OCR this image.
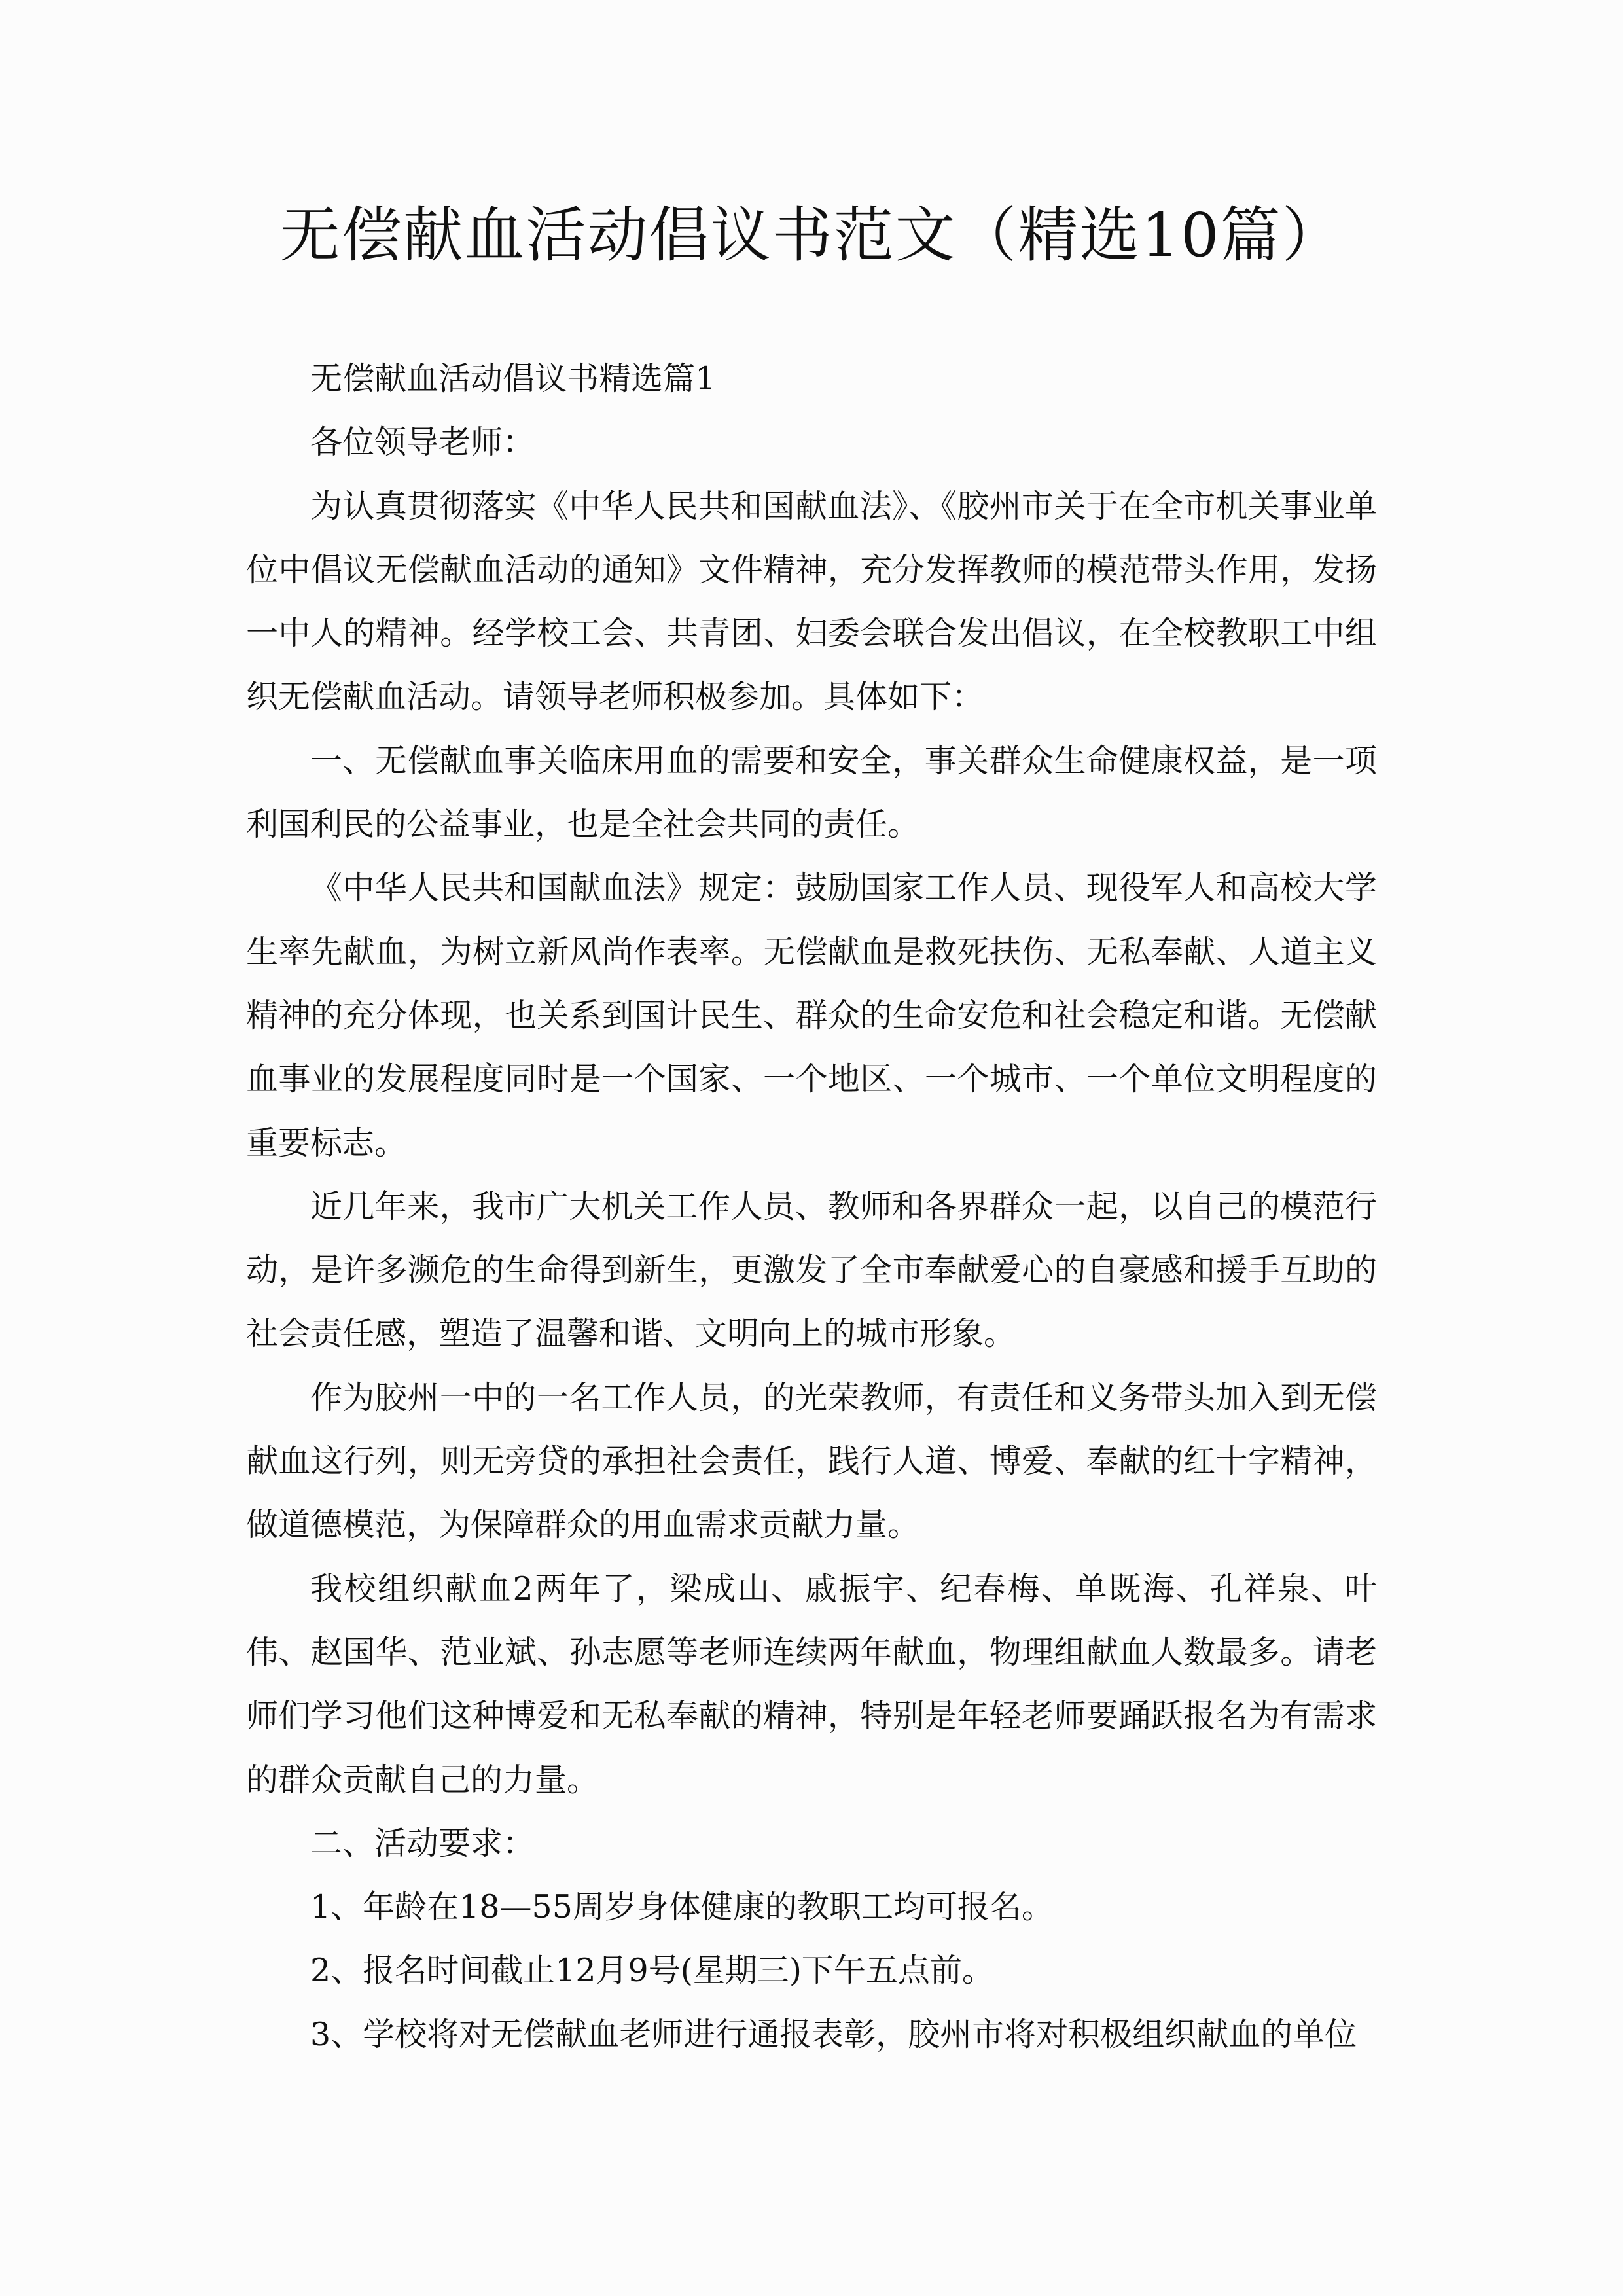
无偿献血活动倡议书范文（精选10篇）

无偿献血活动倡议书精选篇1

各位领导老师：

为认真贯彻落实《中华人民共和国献血法》、《胶州市关于在全市机关事业单位中倡议无偿献血活动的通知》文件精神，充分发挥教师的模范带头作用，发扬一中人的精神。经学校工会、共青团、妇委会联合发出倡议，在全校教职工中组织无偿献血活动。请领导老师积极参加。具体如下：

一、无偿献血事关临床用血的需要和安全，事关群众生命健康权益，是一项利国利民的公益事业，也是全社会共同的责任。

《中华人民共和国献血法》规定：鼓励国家工作人员、现役军人和高校大学生率先献血，为树立新风尚作表率。无偿献血是救死扶伤、无私奉献、人道主义精神的充分体现，也关系到国计民生、群众的生命安危和社会稳定和谐。无偿献血事业的发展程度同时是一个国家、一个地区、一个城市、一个单位文明程度的重要标志。

近几年来，我市广大机关工作人员、教师和各界群众一起，以自己的模范行动，是许多濒危的生命得到新生，更激发了全市奉献爱心的自豪感和援手互助的社会责任感，塑造了温馨和谐、文明向上的城市形象。

作为胶州一中的一名工作人员，的光荣教师，有责任和义务带头加入到无偿献血这行列，则无旁贷的承担社会责任，践行人道、博爱、奉献的红十字精神，做道德模范，为保障群众的用血需求贡献力量。

我校组织献血2两年了，梁成山、戚振宇、纪春梅、单既海、孔祥泉、叶伟、赵国华、范业斌、孙志愿等老师连续两年献血，物理组献血人数最多。请老师们学习他们这种博爱和无私奉献的精神，特别是年轻老师要踊跃报名为有需求的群众贡献自己的力量。

二、活动要求：

1、年龄在18—55周岁身体健康的教职工均可报名。

2、报名时间截止12月9号(星期三)下午五点前。

3、学校将对无偿献血老师进行通报表彰，胶州市将对积极组织献血的单位
